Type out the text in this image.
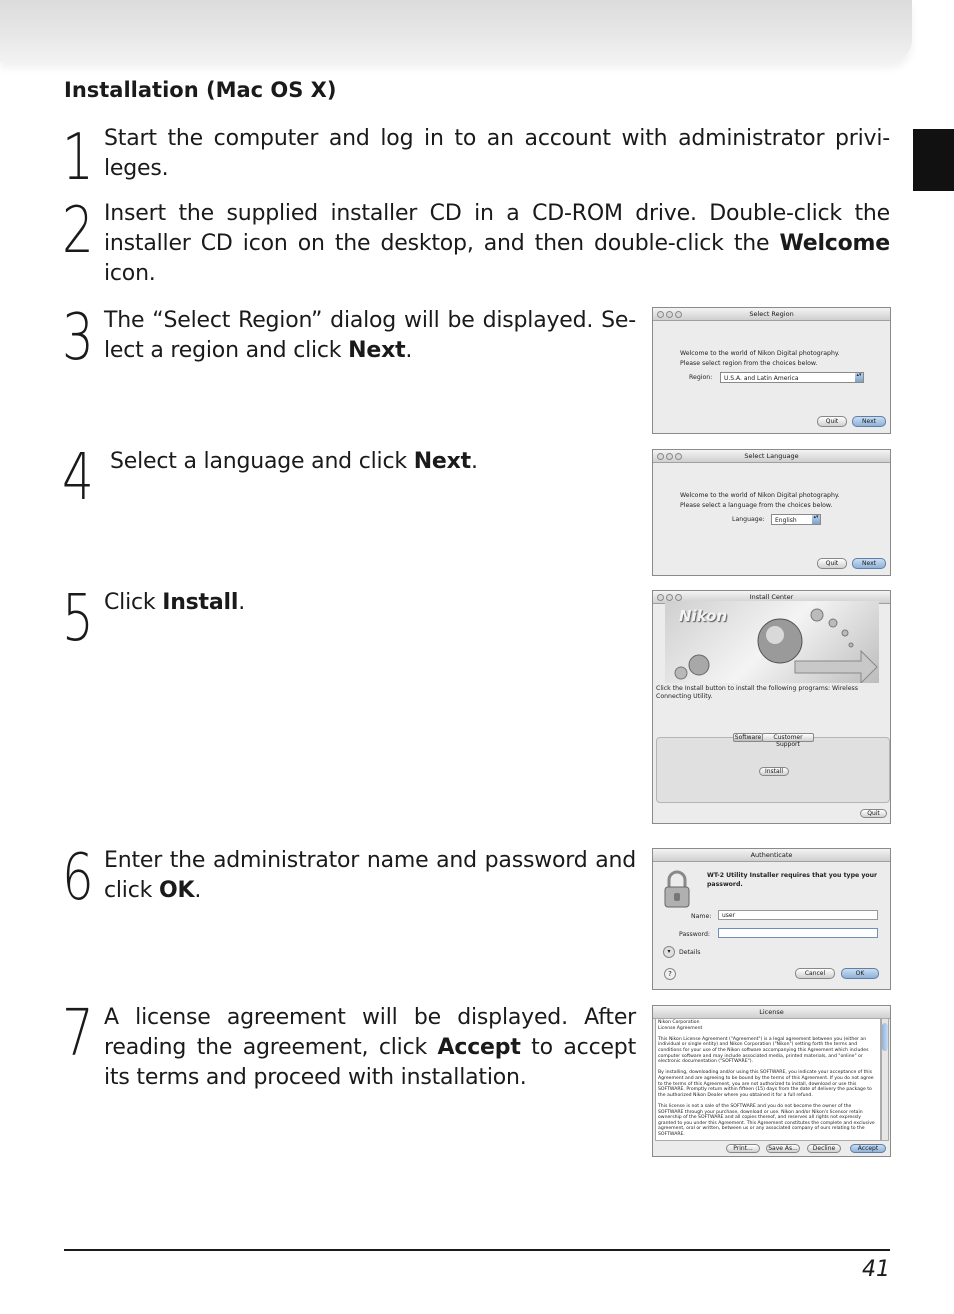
Installation (Mac OS X)
1 Start the computer and log in to an account with administrator privi- leges.

2 Insert the supplied installer CD in a CD-ROM drive. Double-click the installer CD icon on the desktop, and then double-click the Welcome icon.

3 The “Select Region” dialog will be displayed. Se- lect a region and click Next.

4 Select a language and click Next.

5 Click Install.

6 Enter the administrator name and password and click OK.

7 A license agreement will be displayed. After reading the agreement, click Accept to accept its terms and proceed with installation.

Select Region
Welcome to the world of Nikon Digital photography.
Please select region from the choices below.
Region:	U.S.A. and Latin America	▴▾
Quit	Next
Select Language
Welcome to the world of Nikon Digital photography.
Please select a language from the choices below.
Language:	English	▴▾
Quit	Next
Install Center
Nikon
Click the Install button to install the following programs: Wireless Connecting Utility.
Software	Customer Support
Install
Quit
Authenticate
WT-2 Utility Installer requires that you type your password.
Name:	user
Password:
▾	Details
?	Cancel	OK
License
Nikon Corporation
License Agreement

This Nikon License Agreement ("Agreement") is a legal agreement between you (either an individual or single entity) and Nikon Corporation ("Nikon") setting forth the terms and conditions for your use of the Nikon software accompanying this Agreement which includes computer software and may include associated media, printed materials, and "online" or electronic documentation ("SOFTWARE").

By installing, downloading and/or using this SOFTWARE, you indicate your acceptance of this Agreement and are agreeing to be bound by the terms of this Agreement. If you do not agree to the terms of this Agreement, you are not authorized to install, download or use this SOFTWARE. Promptly return within fifteen (15) days from the date of delivery the package to the authorized Nikon Dealer where you obtained it for a full refund.

This license is not a sale of the SOFTWARE and you do not become the owner of the SOFTWARE through your purchase, download or use. Nikon and/or Nikon's licensor retain ownership of the SOFTWARE and all copies thereof, and reserves all rights not expressly granted to you under this Agreement. This Agreement constitutes the complete and exclusive agreement, oral or written, between us or any associated company of ours relating to the SOFTWARE.
Print...	Save As...	Decline	Accept
41
